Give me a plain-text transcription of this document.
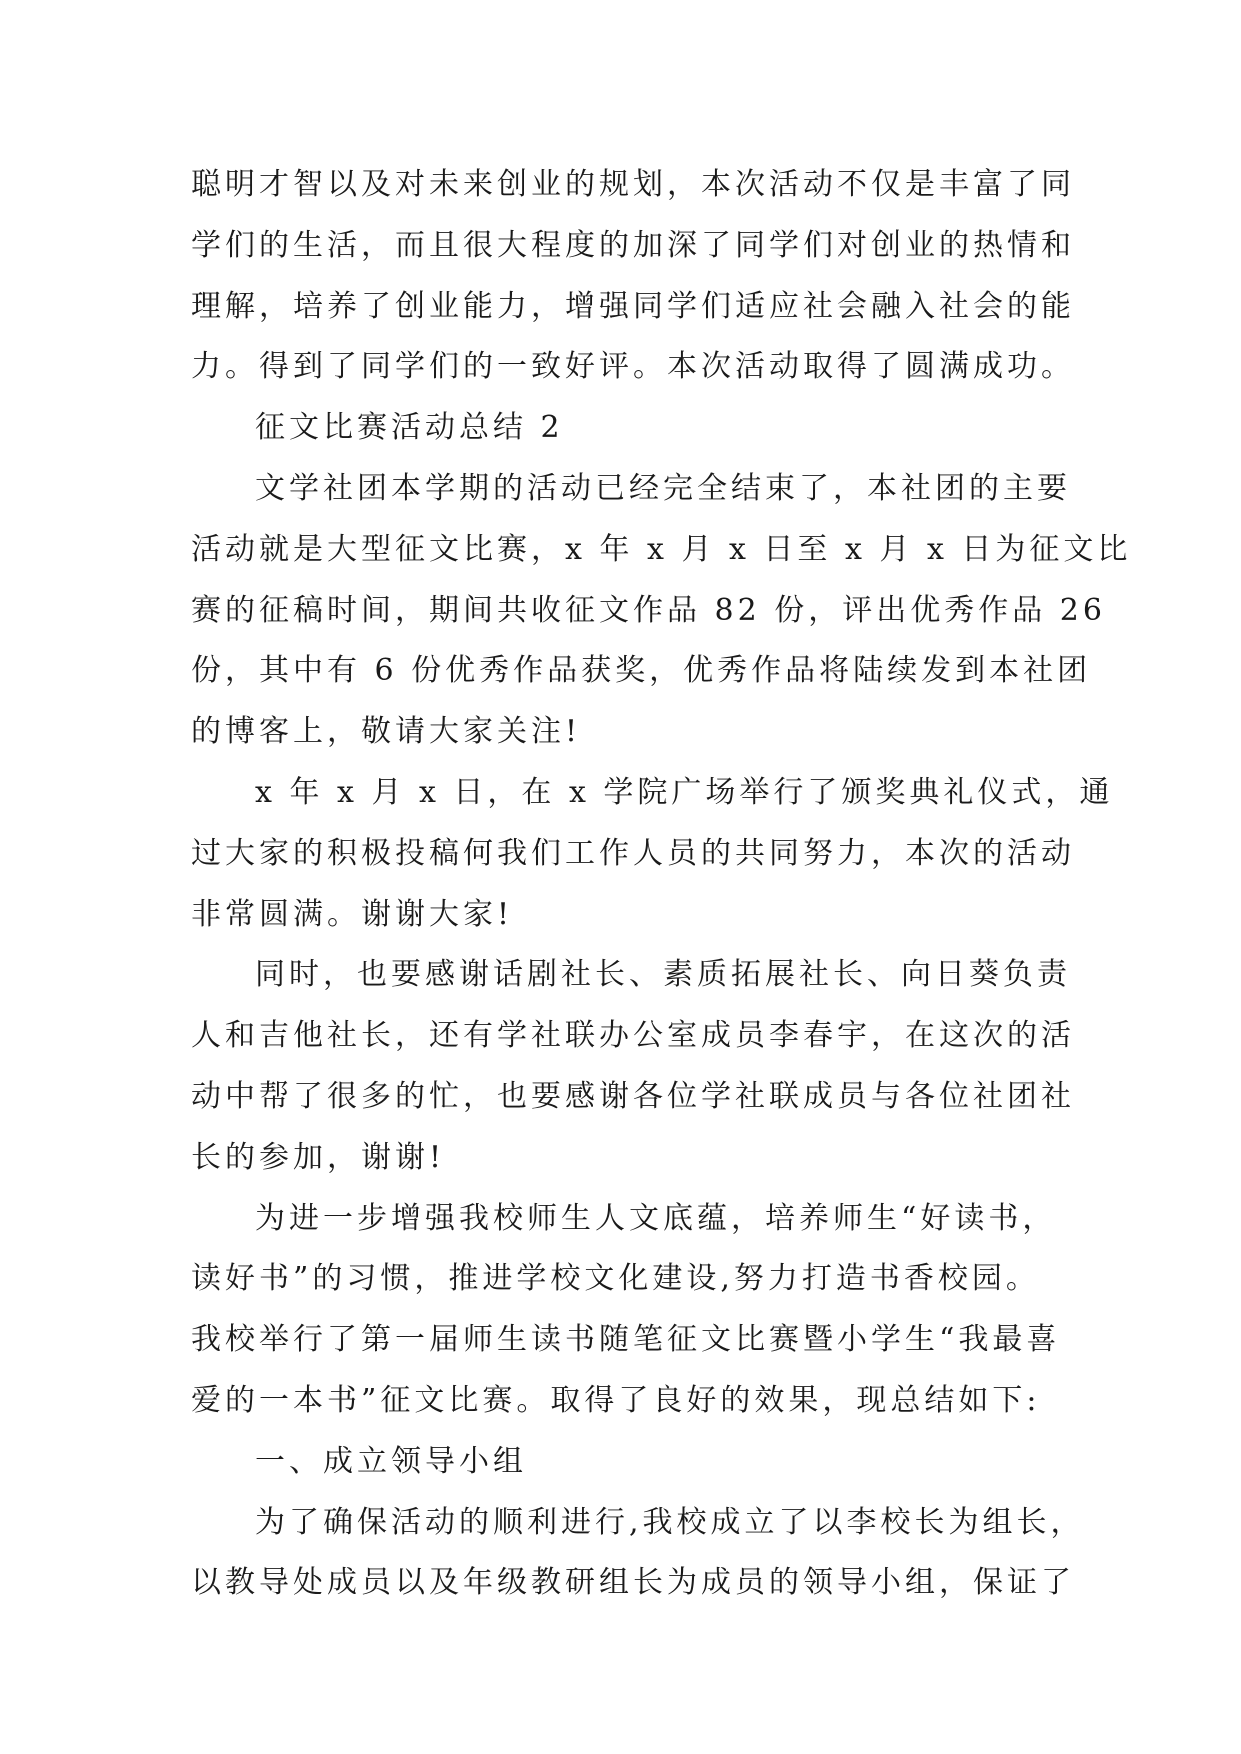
聪明才智以及对未来创业的规划，本次活动不仅是丰富了同
学们的生活，而且很大程度的加深了同学们对创业的热情和
理解，培养了创业能力，增强同学们适应社会融入社会的能
力。得到了同学们的一致好评。本次活动取得了圆满成功。
征文比赛活动总结 2
文学社团本学期的活动已经完全结束了，本社团的主要
活动就是大型征文比赛，x 年 x 月 x 日至 x 月 x 日为征文比
赛的征稿时间，期间共收征文作品 82 份，评出优秀作品 26
份，其中有 6 份优秀作品获奖，优秀作品将陆续发到本社团
的博客上，敬请大家关注!
x 年 x 月 x 日，在 x 学院广场举行了颁奖典礼仪式，通
过大家的积极投稿何我们工作人员的共同努力，本次的活动
非常圆满。谢谢大家!
同时，也要感谢话剧社长、素质拓展社长、向日葵负责
人和吉他社长，还有学社联办公室成员李春宇，在这次的活
动中帮了很多的忙，也要感谢各位学社联成员与各位社团社
长的参加，谢谢!
为进一步增强我校师生人文底蕴，培养师生“好读书，
读好书”的习惯，推进学校文化建设,努力打造书香校园。
我校举行了第一届师生读书随笔征文比赛暨小学生“我最喜
爱的一本书”征文比赛。取得了良好的效果，现总结如下:
一、成立领导小组
为了确保活动的顺利进行,我校成立了以李校长为组长，
以教导处成员以及年级教研组长为成员的领导小组，保证了
